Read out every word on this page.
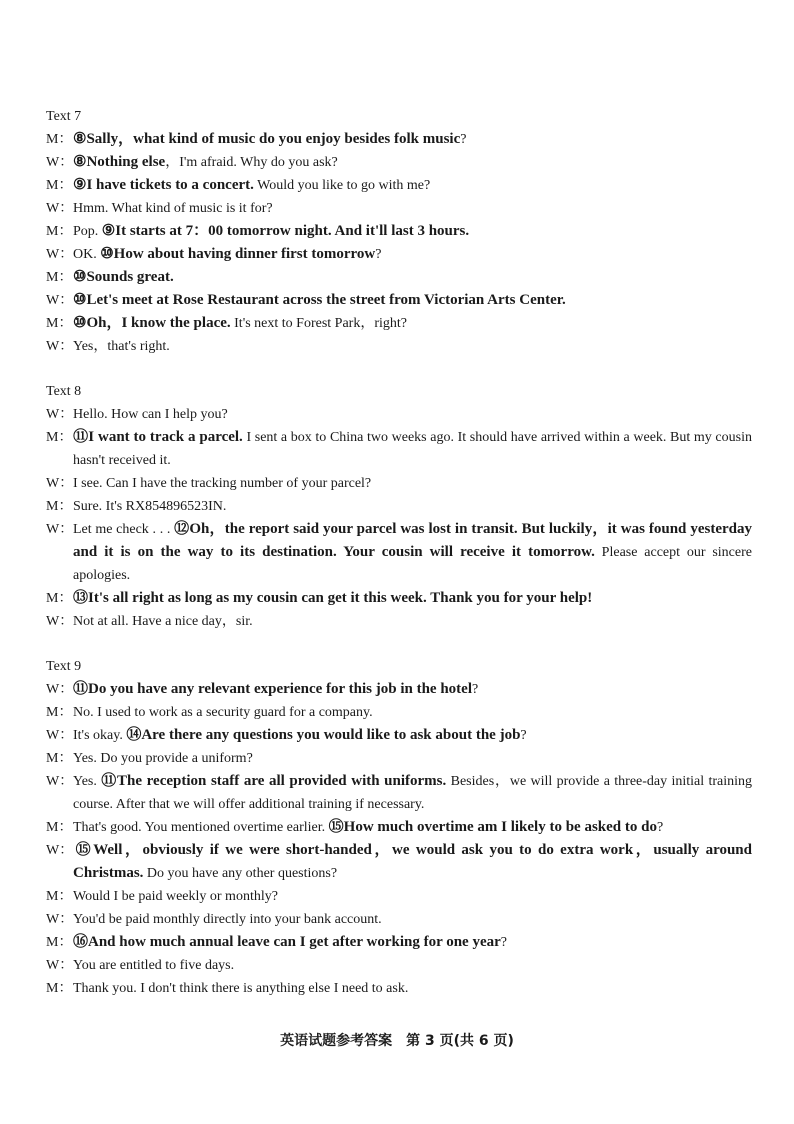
Text 7
M：⑧Sally，what kind of music do you enjoy besides folk music?
W：⑧Nothing else，I'm afraid. Why do you ask?
M：⑨I have tickets to a concert. Would you like to go with me?
W：Hmm. What kind of music is it for?
M：Pop. ⑨It starts at 7：00 tomorrow night. And it'll last 3 hours.
W：OK. ⑩How about having dinner first tomorrow?
M：⑩Sounds great.
W：⑩Let's meet at Rose Restaurant across the street from Victorian Arts Center.
M：⑩Oh，I know the place. It's next to Forest Park，right?
W：Yes，that's right.
Text 8
W：Hello. How can I help you?
M：⑪I want to track a parcel. I sent a box to China two weeks ago. It should have arrived within a week. But my cousin hasn't received it.
W：I see. Can I have the tracking number of your parcel?
M：Sure. It's RX854896523IN.
W：Let me check . . . ⑫Oh，the report said your parcel was lost in transit. But luckily，it was found yesterday and it is on the way to its destination. Your cousin will receive it tomorrow. Please accept our sincere apologies.
M：⑬It's all right as long as my cousin can get it this week. Thank you for your help!
W：Not at all. Have a nice day，sir.
Text 9
W：⑪Do you have any relevant experience for this job in the hotel?
M：No. I used to work as a security guard for a company.
W：It's okay. ⑭Are there any questions you would like to ask about the job?
M：Yes. Do you provide a uniform?
W：Yes. ⑪The reception staff are all provided with uniforms. Besides，we will provide a three-day initial training course. After that we will offer additional training if necessary.
M：That's good. You mentioned overtime earlier. ⑮How much overtime am I likely to be asked to do?
W：⑮Well，obviously if we were short-handed，we would ask you to do extra work，usually around Christmas. Do you have any other questions?
M：Would I be paid weekly or monthly?
W：You'd be paid monthly directly into your bank account.
M：⑯And how much annual leave can I get after working for one year?
W：You are entitled to five days.
M：Thank you. I don't think there is anything else I need to ask.
英语试题参考答案　第 3 页(共 6 页)
